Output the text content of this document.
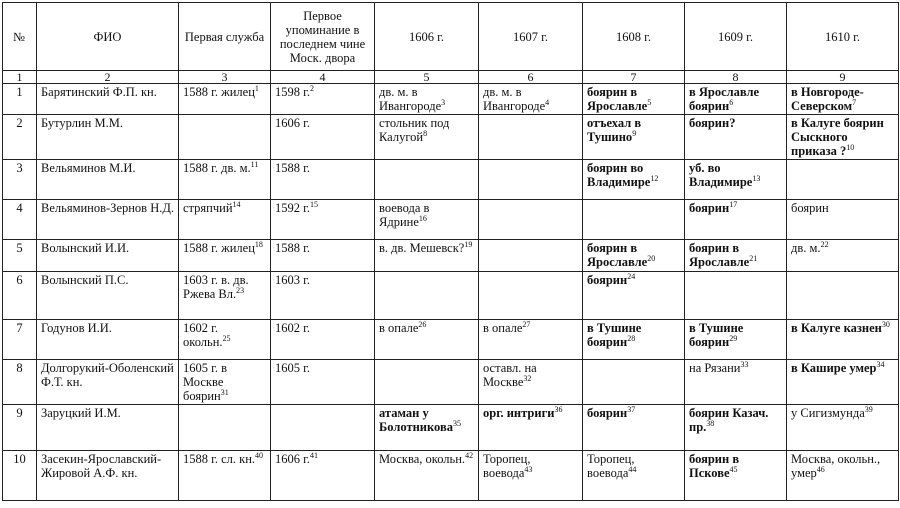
№	ФИО	Первая служба	Первое упоминание в последнем чине Моск. двора	1606 г.	1607 г.	1608 г.	1609 г.	1610 г.
1	2	3	4	5	6	7	8	9
1	Барятинский Ф.П. кн.	1588 г. жилец$^1$	1598 г.$^2$	дв. м. в Ивангороде$^3$	дв. м. в Ивангороде$^4$	боярин в Ярославле$^5$	в Ярославле боярин$^6$	в Новгороде-Северском$^7$
2	Бутурлин М.М.		1606 г.	стольник под Калугой$^8$		отъехал в Тушино$^9$	боярин?	в Калуге боярин Сыскного приказа ?$^{10}$
3	Вельяминов М.И.	1588 г. дв. м.$^{11}$	1588 г.			боярин во Владимире$^{12}$	уб. во Владимире$^{13}$	
4	Вельяминов-Зернов Н.Д.	стряпчий$^{14}$	1592 г.$^{15}$	воевода в Ядрине$^{16}$			боярин$^{17}$	боярин
5	Волынский И.И.	1588 г. жилец$^{18}$	1588 г.	в. дв. Мешевск?$^{19}$		боярин в Ярославле$^{20}$	боярин в Ярославле$^{21}$	дв. м.$^{22}$
6	Волынский П.С.	1603 г. в. дв. Ржева Вл.$^{23}$	1603 г.			боярин$^{24}$		
7	Годунов И.И.	1602 г. окольн.$^{25}$	1602 г.	в опале$^{26}$	в опале$^{27}$	в Тушине боярин$^{28}$	в Тушине боярин$^{29}$	в Калуге казнен$^{30}$
8	Долгорукий-Оболенский Ф.Т. кн.	1605 г. в Москве боярин$^{31}$	1605 г.		оставл. на Москве$^{32}$		на Рязани$^{33}$	в Кашире умер$^{34}$
9	Заруцкий И.М.			атаман у Болотникова$^{35}$	орг. интриги$^{36}$	боярин$^{37}$	боярин Казач. пр.$^{38}$	у Сигизмунда$^{39}$
10	Засекин-Ярославский-Жировой А.Ф. кн.	1588 г. сл. кн.$^{40}$	1606 г.$^{41}$	Москва, окольн.$^{42}$	Торопец, воевода$^{43}$	Торопец, воевода$^{44}$	боярин в Пскове$^{45}$	Москва, окольн., умер$^{46}$
